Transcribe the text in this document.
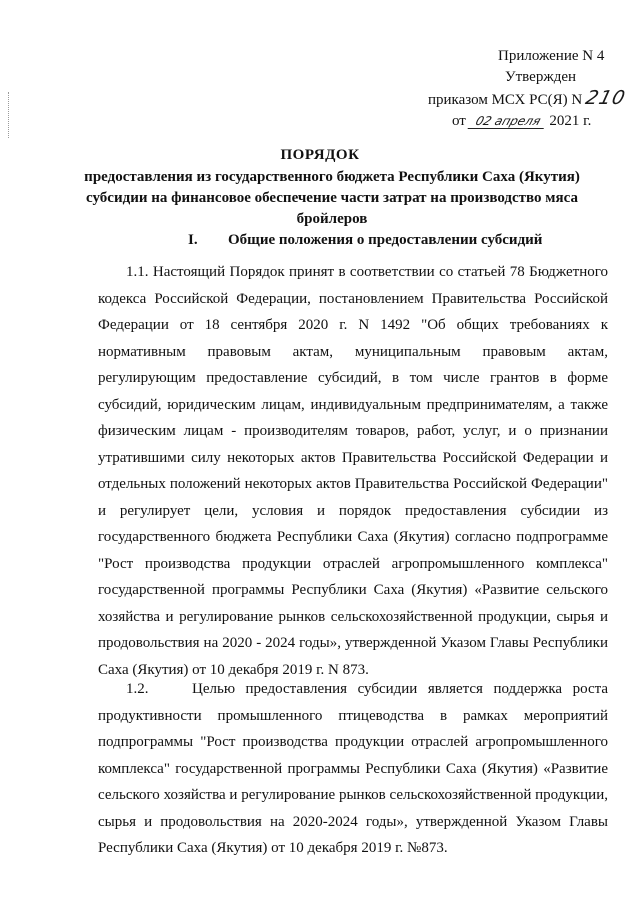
Приложение N 4
Утвержден
приказом МСХ РС(Я) N 210
от 02 апреля 2021 г.
ПОРЯДОК
предоставления из государственного бюджета Республики Саха (Якутия) субсидии на финансовое обеспечение части затрат на производство мяса бройлеров
I. Общие положения о предоставлении субсидий

1.1. Настоящий Порядок принят в соответствии со статьей 78 Бюджетного кодекса Российской Федерации, постановлением Правительства Российской Федерации от 18 сентября 2020 г. N 1492 "Об общих требованиях к нормативным правовым актам, муниципальным правовым актам, регулирующим предоставление субсидий, в том числе грантов в форме субсидий, юридическим лицам, индивидуальным предпринимателям, а также физическим лицам - производителям товаров, работ, услуг, и о признании утратившими силу некоторых актов Правительства Российской Федерации и отдельных положений некоторых актов Правительства Российской Федерации" и регулирует цели, условия и порядок предоставления субсидии из государственного бюджета Республики Саха (Якутия) согласно подпрограмме "Рост производства продукции отраслей агропромышленного комплекса" государственной программы Республики Саха (Якутия) «Развитие сельского хозяйства и регулирование рынков сельскохозяйственной продукции, сырья и продовольствия на 2020 - 2024 годы», утвержденной Указом Главы Республики Саха (Якутия) от 10 декабря 2019 г. N 873.

1.2.	Целью предоставления субсидии является поддержка роста продуктивности промышленного птицеводства в рамках мероприятий подпрограммы "Рост производства продукции отраслей агропромышленного комплекса" государственной программы Республики Саха (Якутия) «Развитие сельского хозяйства и регулирование рынков сельскохозяйственной продукции, сырья и продовольствия на 2020-2024 годы», утвержденной Указом Главы Республики Саха (Якутия) от 10 декабря 2019 г. №873.
